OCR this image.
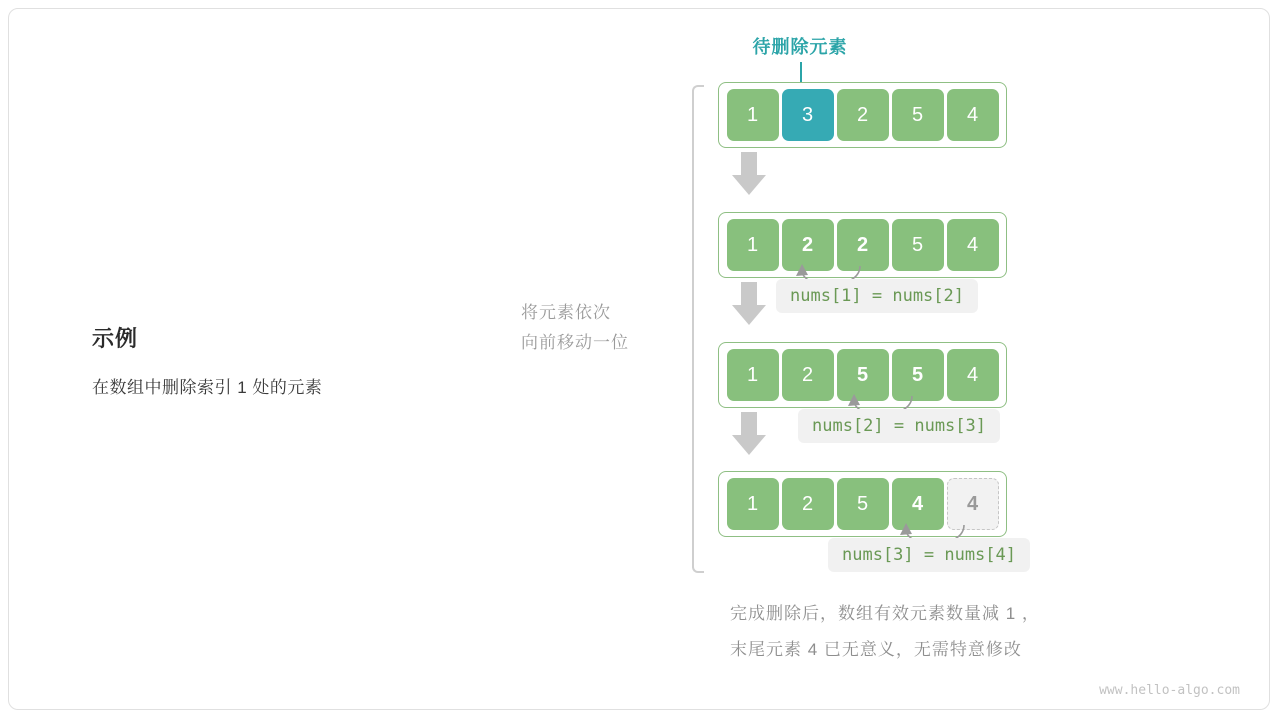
示例
在数组中删除索引 1 处的元素
将元素依次
向前移动一位
待删除元素
1	3	2	5	4
1	2	2	5	4
nums[1] = nums[2]
1	2	5	5	4
nums[2] = nums[3]
1	2	5	4	4
nums[3] = nums[4]
完成删除后，数组有效元素数量减 1 ，
末尾元素 4 已无意义，无需特意修改
www.hello-algo.com
